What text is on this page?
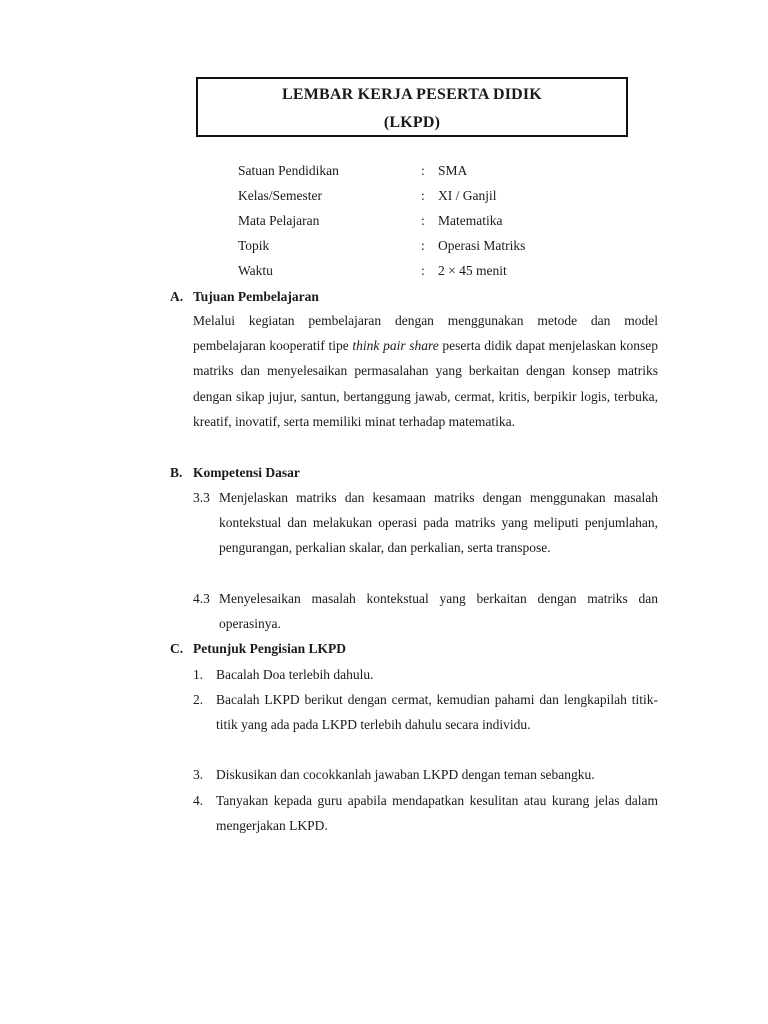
LEMBAR KERJA PESERTA DIDIK
(LKPD)
Satuan Pendidikan	: SMA
Kelas/Semester	: XI / Ganjil
Mata Pelajaran	: Matematika
Topik	: Operasi Matriks
Waktu	: 2 × 45 menit
A. Tujuan Pembelajaran
Melalui kegiatan pembelajaran dengan menggunakan metode dan model pembelajaran kooperatif tipe think pair share peserta didik dapat menjelaskan konsep matriks dan menyelesaikan permasalahan yang berkaitan dengan konsep matriks dengan sikap jujur, santun, bertanggung jawab, cermat, kritis, berpikir logis, terbuka, kreatif, inovatif, serta memiliki minat terhadap matematika.
B. Kompetensi Dasar
3.3 Menjelaskan matriks dan kesamaan matriks dengan menggunakan masalah kontekstual dan melakukan operasi pada matriks yang meliputi penjumlahan, pengurangan, perkalian skalar, dan perkalian, serta transpose.
4.3 Menyelesaikan masalah kontekstual yang berkaitan dengan matriks dan operasinya.
C. Petunjuk Pengisian LKPD
1. Bacalah Doa terlebih dahulu.
2. Bacalah LKPD berikut dengan cermat, kemudian pahami dan lengkapilah titik-titik yang ada pada LKPD terlebih dahulu secara individu.
3. Diskusikan dan cocokkanlah jawaban LKPD dengan teman sebangku.
4. Tanyakan kepada guru apabila mendapatkan kesulitan atau kurang jelas dalam mengerjakan LKPD.
